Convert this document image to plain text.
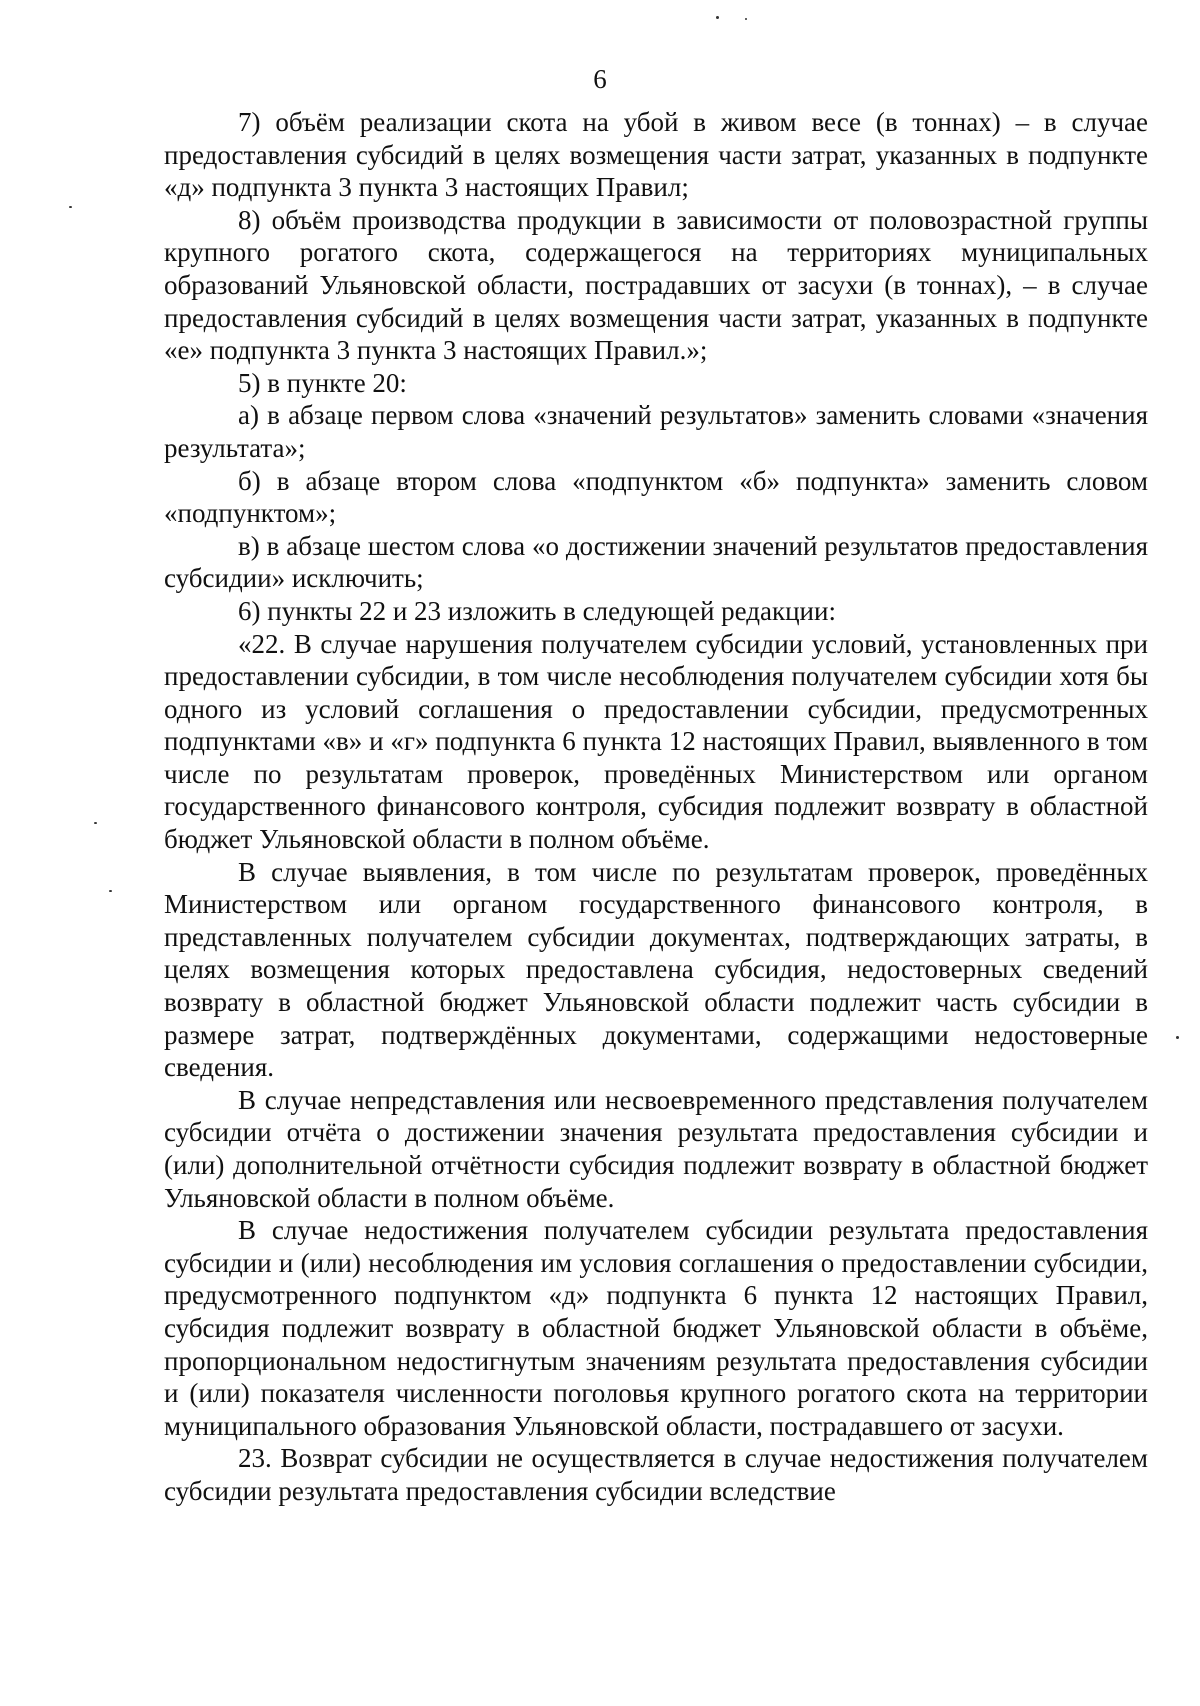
6

7) объём реализации скота на убой в живом весе (в тоннах) – в случае предоставления субсидий в целях возмещения части затрат, указанных в подпункте «д» подпункта 3 пункта 3 настоящих Правил;

8) объём производства продукции в зависимости от половозрастной группы крупного рогатого скота, содержащегося на территориях муниципальных образований Ульяновской области, пострадавших от засухи (в тоннах), – в случае предоставления субсидий в целях возмещения части затрат, указанных в подпункте «е» подпункта 3 пункта 3 настоящих Правил.»;

5) в пункте 20:

а) в абзаце первом слова «значений результатов» заменить словами «значения результата»;

б) в абзаце втором слова «подпунктом «б» подпункта» заменить словом «подпунктом»;

в) в абзаце шестом слова «о достижении значений результатов предоставления субсидии» исключить;

6) пункты 22 и 23 изложить в следующей редакции:

«22. В случае нарушения получателем субсидии условий, установленных при предоставлении субсидии, в том числе несоблюдения получателем субсидии хотя бы одного из условий соглашения о предоставлении субсидии, предусмотренных подпунктами «в» и «г» подпункта 6 пункта 12 настоящих Правил, выявленного в том числе по результатам проверок, проведённых Министерством или органом государственного финансового контроля, субсидия подлежит возврату в областной бюджет Ульяновской области в полном объёме.

В случае выявления, в том числе по результатам проверок, проведённых Министерством или органом государственного финансового контроля, в представленных получателем субсидии документах, подтверждающих затраты, в целях возмещения которых предоставлена субсидия, недостоверных сведений возврату в областной бюджет Ульяновской области подлежит часть субсидии в размере затрат, подтверждённых документами, содержащими недостоверные сведения.

В случае непредставления или несвоевременного представления получателем субсидии отчёта о достижении значения результата предоставления субсидии и (или) дополнительной отчётности субсидия подлежит возврату в областной бюджет Ульяновской области в полном объёме.

В случае недостижения получателем субсидии результата предоставления субсидии и (или) несоблюдения им условия соглашения о предоставлении субсидии, предусмотренного подпунктом «д» подпункта 6 пункта 12 настоящих Правил, субсидия подлежит возврату в областной бюджет Ульяновской области в объёме, пропорциональном недостигнутым значениям результата предоставления субсидии и (или) показателя численности поголовья крупного рогатого скота на территории муниципального образования Ульяновской области, пострадавшего от засухи.

23. Возврат субсидии не осуществляется в случае недостижения получателем субсидии результата предоставления субсидии вследствие
